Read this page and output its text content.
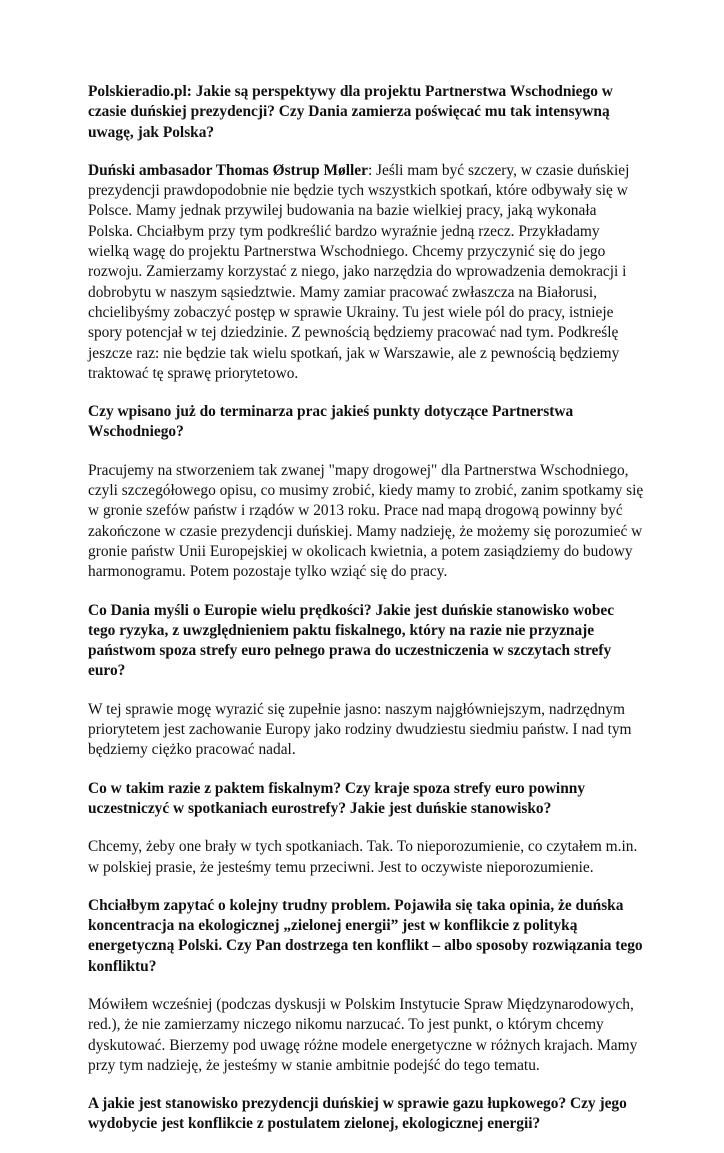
Polskieradio.pl: Jakie są perspektywy dla projektu Partnerstwa Wschodniego w czasie duńskiej prezydencji? Czy Dania zamierza poświęcać mu tak intensywną uwagę, jak Polska?

Duński ambasador Thomas Østrup Møller: Jeśli mam być szczery, w czasie duńskiej prezydencji prawdopodobnie nie będzie tych wszystkich spotkań, które odbywały się w Polsce. Mamy jednak przywilej budowania na bazie wielkiej pracy, jaką wykonała Polska. Chciałbym przy tym podkreślić bardzo wyraźnie jedną rzecz. Przykładamy wielką wagę do projektu Partnerstwa Wschodniego. Chcemy przyczynić się do jego rozwoju. Zamierzamy korzystać z niego, jako narzędzia do wprowadzenia demokracji i dobrobytu w naszym sąsiedztwie. Mamy zamiar pracować zwłaszcza na Białorusi, chcielibyśmy zobaczyć postęp w sprawie Ukrainy. Tu jest wiele pól do pracy, istnieje spory potencjał w tej dziedzinie. Z pewnością będziemy pracować nad tym. Podkreślę jeszcze raz: nie będzie tak wielu spotkań, jak w Warszawie, ale z pewnością będziemy traktować tę sprawę priorytetowo.

Czy wpisano już do terminarza prac jakieś punkty dotyczące Partnerstwa Wschodniego?

Pracujemy na stworzeniem tak zwanej "mapy drogowej" dla Partnerstwa Wschodniego, czyli szczegółowego opisu, co musimy zrobić, kiedy mamy to zrobić, zanim spotkamy się w gronie szefów państw i rządów w 2013 roku. Prace nad mapą drogową powinny być zakończone w czasie prezydencji duńskiej. Mamy nadzieję, że możemy się porozumieć w gronie państw Unii Europejskiej w okolicach kwietnia, a potem zasiądziemy do budowy harmonogramu. Potem pozostaje tylko wziąć się do pracy.

Co Dania myśli o Europie wielu prędkości? Jakie jest duńskie stanowisko wobec tego ryzyka, z uwzględnieniem paktu fiskalnego, który na razie nie przyznaje państwom spoza strefy euro pełnego prawa do uczestniczenia w szczytach strefy euro?

W tej sprawie mogę wyrazić się zupełnie jasno: naszym najgłówniejszym, nadrzędnym priorytetem jest zachowanie Europy jako rodziny dwudziestu siedmiu państw. I nad tym będziemy ciężko pracować nadal.

Co w takim razie z paktem fiskalnym? Czy kraje spoza strefy euro powinny uczestniczyć w spotkaniach eurostrefy? Jakie jest duńskie stanowisko?

Chcemy, żeby one brały w tych spotkaniach. Tak. To nieporozumienie, co czytałem m.in. w polskiej prasie, że jesteśmy temu przeciwni. Jest to oczywiste nieporozumienie.

Chciałbym zapytać o kolejny trudny problem. Pojawiła się taka opinia, że duńska koncentracja na ekologicznej „zielonej energii” jest w konflikcie z polityką energetyczną Polski. Czy Pan dostrzega ten konflikt – albo sposoby rozwiązania tego konfliktu?

Mówiłem wcześniej (podczas dyskusji w Polskim Instytucie Spraw Międzynarodowych, red.), że nie zamierzamy niczego nikomu narzucać. To jest punkt, o którym chcemy dyskutować. Bierzemy pod uwagę różne modele energetyczne w różnych krajach. Mamy przy tym nadzieję, że jesteśmy w stanie ambitnie podejść do tego tematu.

A jakie jest stanowisko prezydencji duńskiej w sprawie gazu łupkowego? Czy jego wydobycie jest konflikcie z postulatem zielonej, ekologicznej energii?
